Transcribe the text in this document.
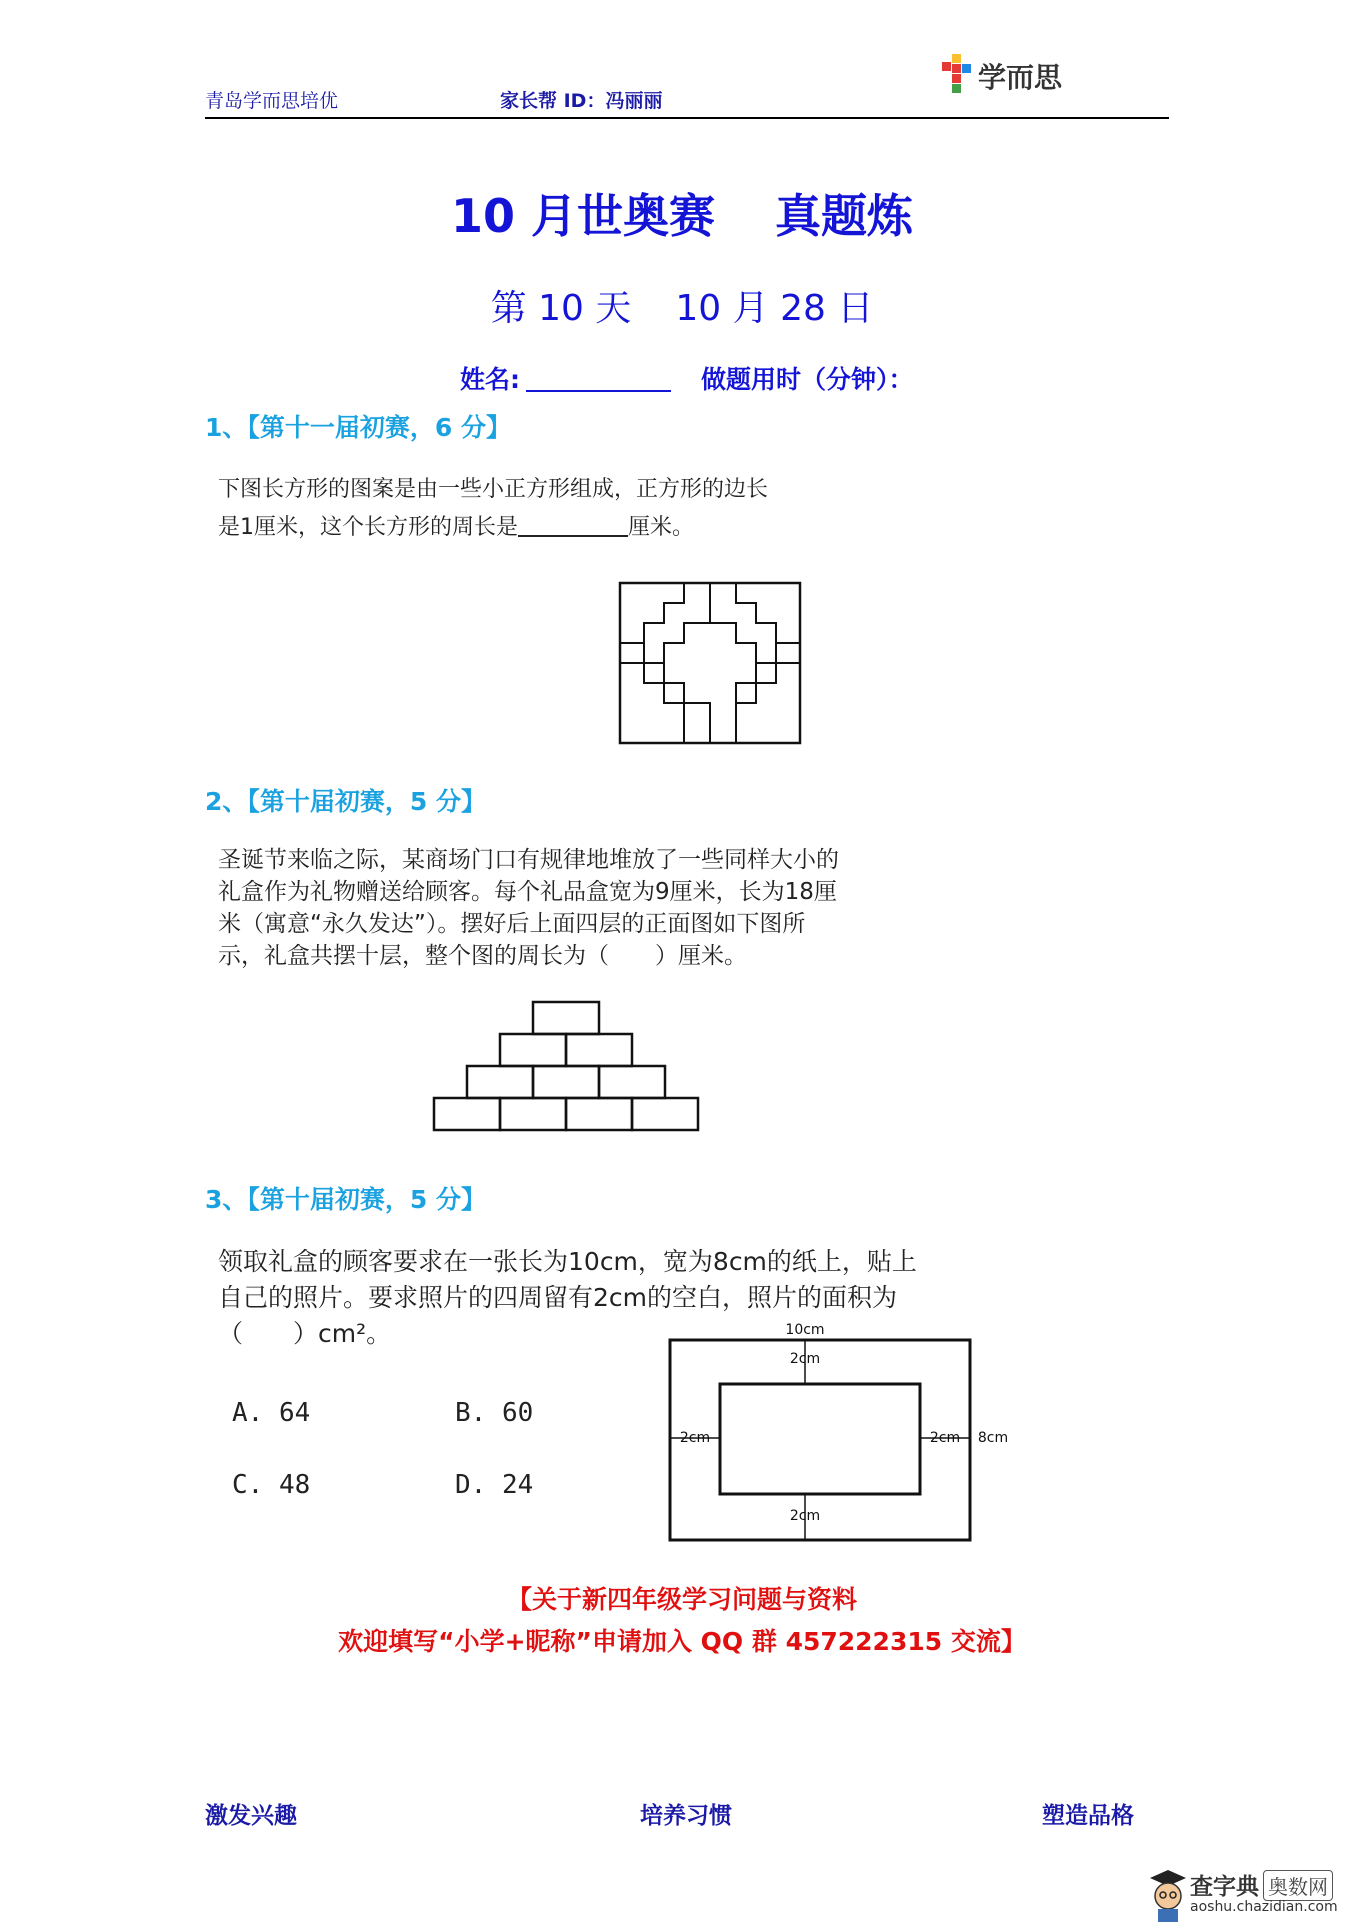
青岛学而思培优	家长帮 ID：冯丽丽
学而思
10 月世奥赛 真题炼
第 10 天 10 月 28 日
姓名:	做题用时（分钟）：
1、【第十一届初赛，6 分】
下图长方形的图案是由一些小正方形组成，正方形的边长
是1厘米，这个长方形的周长是	厘米。
2、【第十届初赛，5 分】
圣诞节来临之际，某商场门口有规律地堆放了一些同样大小的
礼盒作为礼物赠送给顾客。每个礼品盒宽为9厘米，长为18厘
米（寓意“永久发达”）。摆好后上面四层的正面图如下图所
示，礼盒共摆十层，整个图的周长为（　　）厘米。
3、【第十届初赛，5 分】
领取礼盒的顾客要求在一张长为10cm，宽为8cm的纸上，贴上
自己的照片。要求照片的四周留有2cm的空白，照片的面积为
（　　）cm²。
A. 64	B. 60
C. 48	D. 24
10cm
2cm
2cm	2cm 8cm
2cm
【关于新四年级学习问题与资料
欢迎填写“小学+昵称”申请加入 QQ 群 457222315 交流】
激发兴趣	培养习惯	塑造品格
查字典 奥数网
aoshu.chazidian.com
